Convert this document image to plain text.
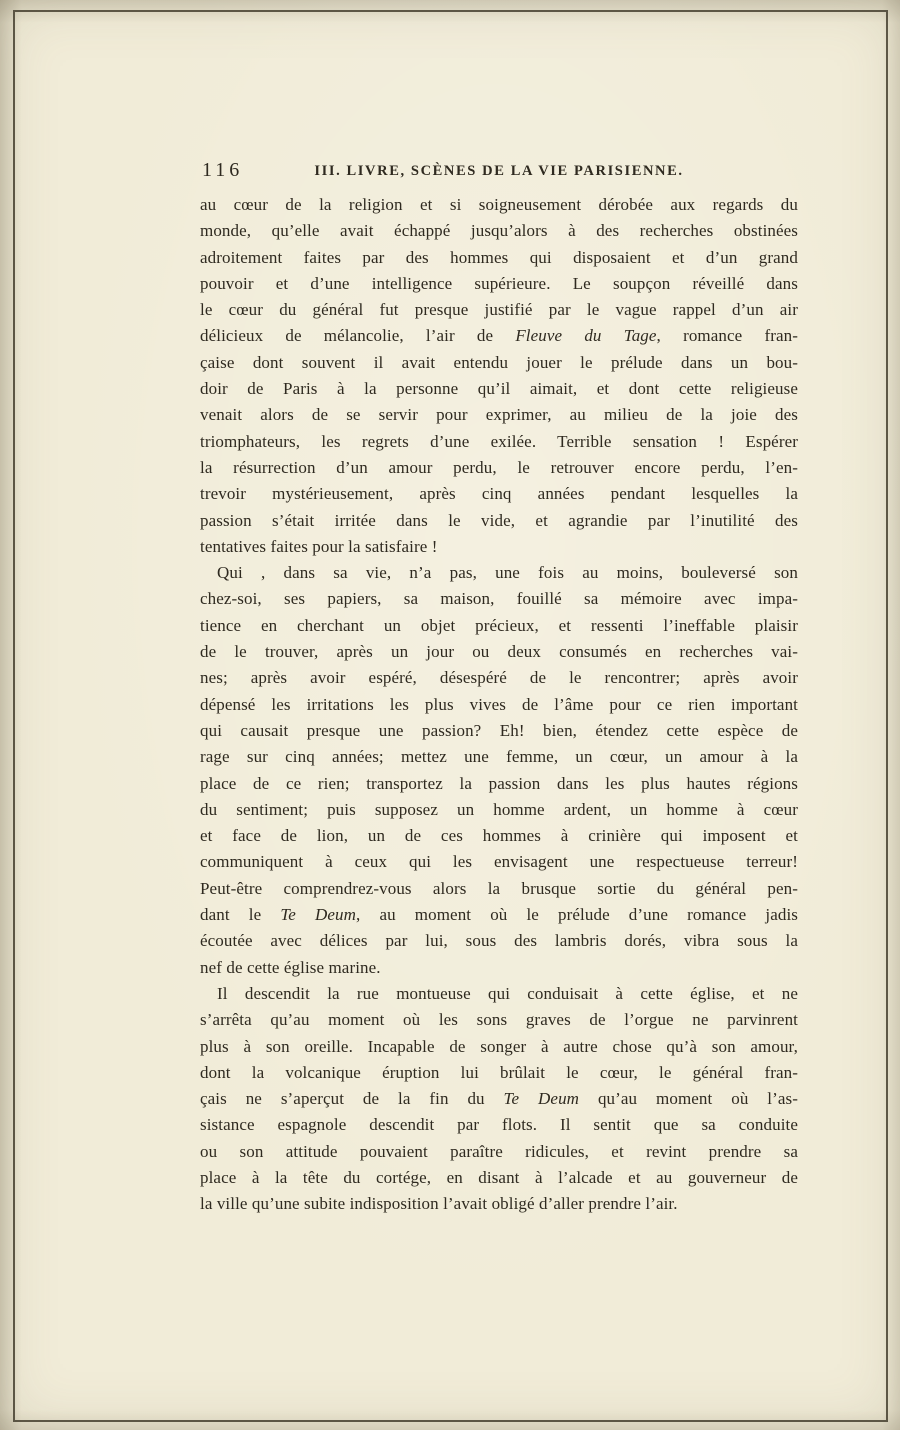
116	III. LIVRE, SCÈNES DE LA VIE PARISIENNE.
au cœur de la religion et si soigneusement dérobée aux regards du
monde, qu’elle avait échappé jusqu’alors à des recherches obstinées
adroitement faites par des hommes qui disposaient et d’un grand
pouvoir et d’une intelligence supérieure. Le soupçon réveillé dans
le cœur du général fut presque justifié par le vague rappel d’un air
délicieux de mélancolie, l’air de Fleuve du Tage, romance fran-
çaise dont souvent il avait entendu jouer le prélude dans un bou-
doir de Paris à la personne qu’il aimait, et dont cette religieuse
venait alors de se servir pour exprimer, au milieu de la joie des
triomphateurs, les regrets d’une exilée. Terrible sensation ! Espérer
la résurrection d’un amour perdu, le retrouver encore perdu, l’en-
trevoir mystérieusement, après cinq années pendant lesquelles la
passion s’était irritée dans le vide, et agrandie par l’inutilité des
tentatives faites pour la satisfaire !
Qui , dans sa vie, n’a pas, une fois au moins, bouleversé son
chez-soi, ses papiers, sa maison, fouillé sa mémoire avec impa-
tience en cherchant un objet précieux, et ressenti l’ineffable plaisir
de le trouver, après un jour ou deux consumés en recherches vai-
nes; après avoir espéré, désespéré de le rencontrer; après avoir
dépensé les irritations les plus vives de l’âme pour ce rien important
qui causait presque une passion? Eh! bien, étendez cette espèce de
rage sur cinq années; mettez une femme, un cœur, un amour à la
place de ce rien; transportez la passion dans les plus hautes régions
du sentiment; puis supposez un homme ardent, un homme à cœur
et face de lion, un de ces hommes à crinière qui imposent et
communiquent à ceux qui les envisagent une respectueuse terreur!
Peut-être comprendrez-vous alors la brusque sortie du général pen-
dant le Te Deum, au moment où le prélude d’une romance jadis
écoutée avec délices par lui, sous des lambris dorés, vibra sous la
nef de cette église marine.
Il descendit la rue montueuse qui conduisait à cette église, et ne
s’arrêta qu’au moment où les sons graves de l’orgue ne parvinrent
plus à son oreille. Incapable de songer à autre chose qu’à son amour,
dont la volcanique éruption lui brûlait le cœur, le général fran-
çais ne s’aperçut de la fin du Te Deum qu’au moment où l’as-
sistance espagnole descendit par flots. Il sentit que sa conduite
ou son attitude pouvaient paraître ridicules, et revint prendre sa
place à la tête du cortége, en disant à l’alcade et au gouverneur de
la ville qu’une subite indisposition l’avait obligé d’aller prendre l’air.
